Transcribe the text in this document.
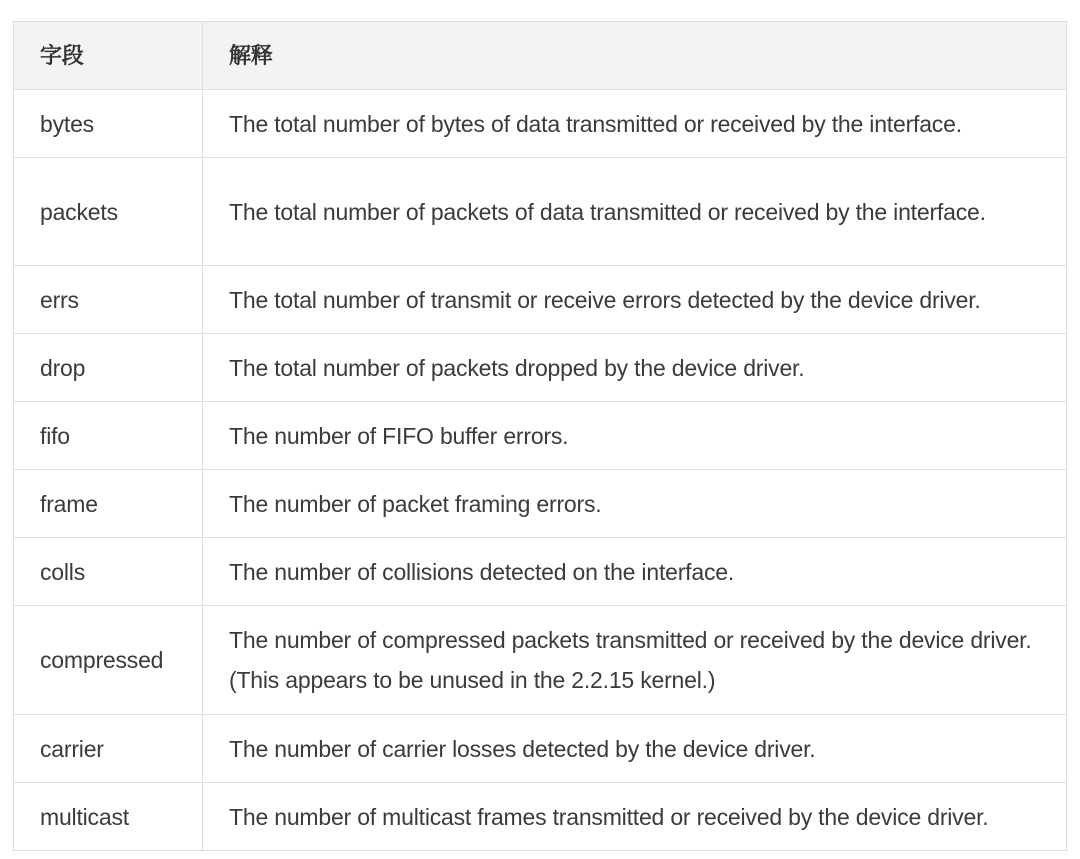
字段	解释
bytes	The total number of bytes of data transmitted or received by the interface.
packets	The total number of packets of data transmitted or received by the interface.
errs	The total number of transmit or receive errors detected by the device driver.
drop	The total number of packets dropped by the device driver.
fifo	The number of FIFO buffer errors.
frame	The number of packet framing errors.
colls	The number of collisions detected on the interface.
compressed	The number of compressed packets transmitted or received by the device driver. (This appears to be unused in the 2.2.15 kernel.)
carrier	The number of carrier losses detected by the device driver.
multicast	The number of multicast frames transmitted or received by the device driver.
